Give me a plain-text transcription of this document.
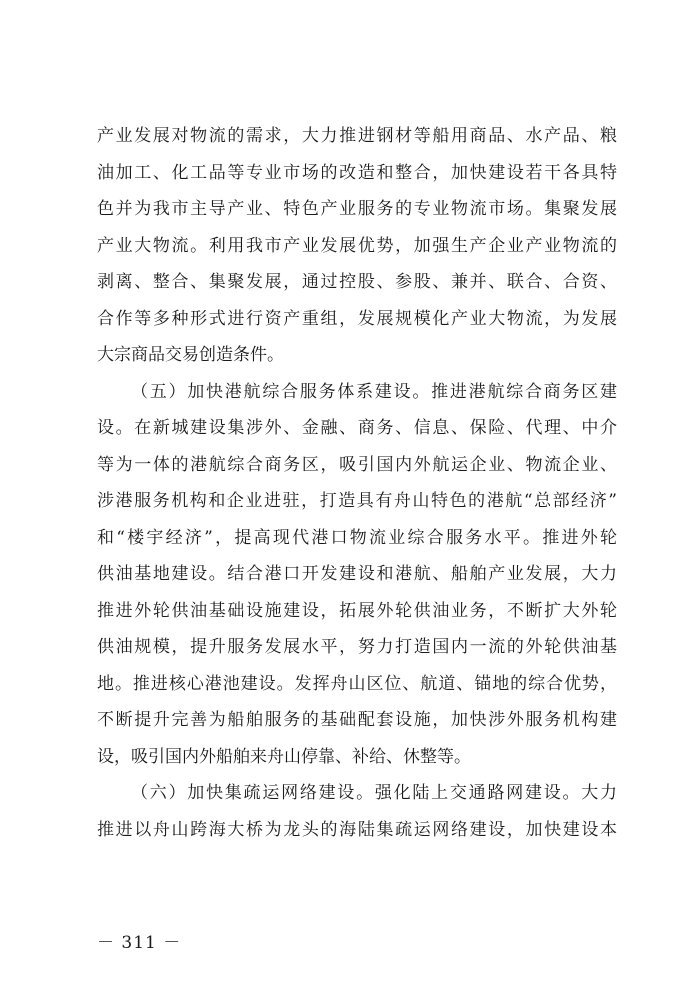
产业发展对物流的需求，大力推进钢材等船用商品、水产品、粮
油加工、化工品等专业市场的改造和整合，加快建设若干各具特
色并为我市主导产业、特色产业服务的专业物流市场。集聚发展
产业大物流。利用我市产业发展优势，加强生产企业产业物流的
剥离、整合、集聚发展，通过控股、参股、兼并、联合、合资、
合作等多种形式进行资产重组，发展规模化产业大物流，为发展
大宗商品交易创造条件。
（五）加快港航综合服务体系建设。推进港航综合商务区建
设。在新城建设集涉外、金融、商务、信息、保险、代理、中介
等为一体的港航综合商务区，吸引国内外航运企业、物流企业、
涉港服务机构和企业进驻，打造具有舟山特色的港航“总部经济”
和“楼宇经济”，提高现代港口物流业综合服务水平。推进外轮
供油基地建设。结合港口开发建设和港航、船舶产业发展，大力
推进外轮供油基础设施建设，拓展外轮供油业务，不断扩大外轮
供油规模，提升服务发展水平，努力打造国内一流的外轮供油基
地。推进核心港池建设。发挥舟山区位、航道、锚地的综合优势，
不断提升完善为船舶服务的基础配套设施，加快涉外服务机构建
设，吸引国内外船舶来舟山停靠、补给、休整等。
（六）加快集疏运网络建设。强化陆上交通路网建设。大力
推进以舟山跨海大桥为龙头的海陆集疏运网络建设，加快建设本
－ 311 －
